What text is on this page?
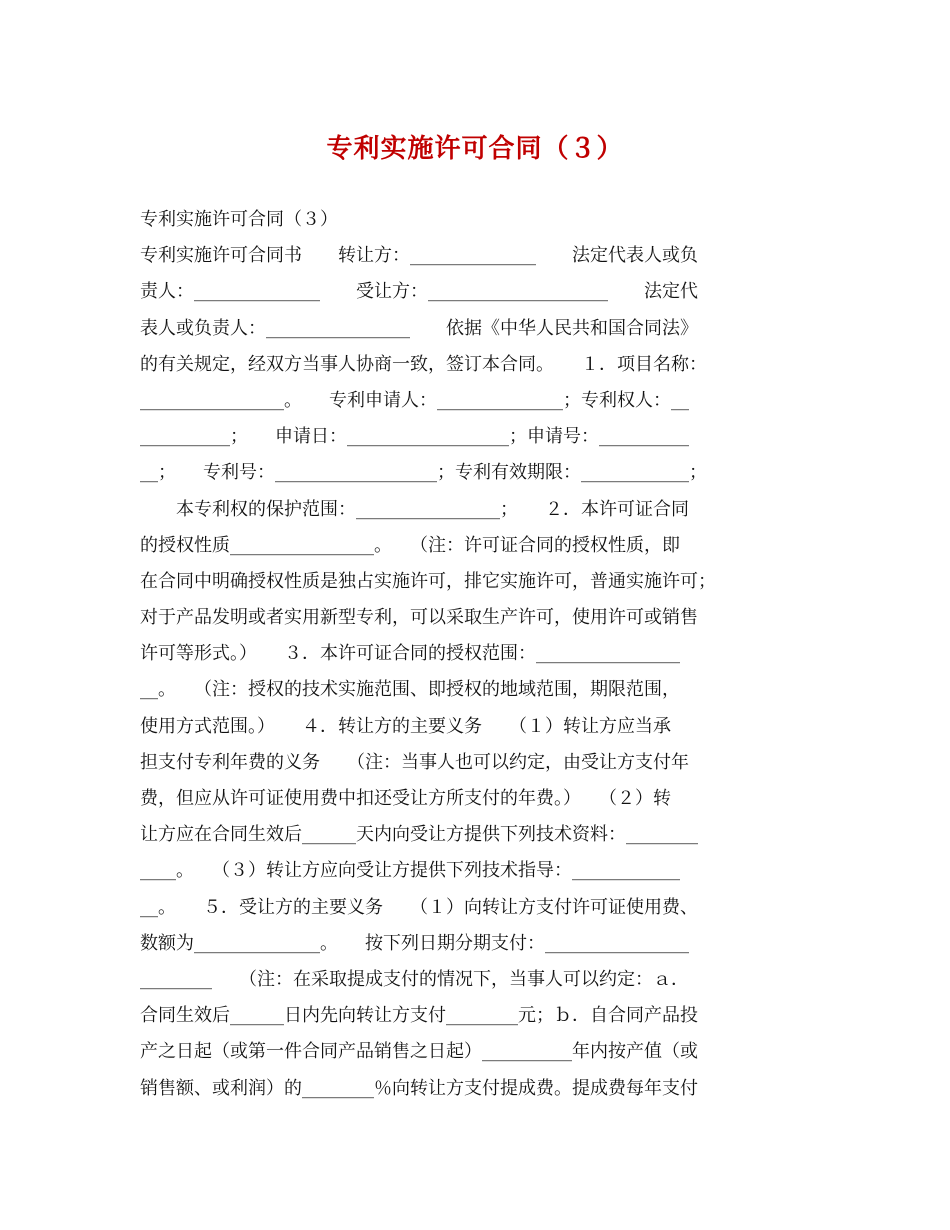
专利实施许可合同（３）
专利实施许可合同（３）
专利实施许可合同书　　转让方：______________　　法定代表人或负
责人：______________　　受让方：____________________　　法定代
表人或负责人：________________　　依据《中华人民共和国合同法》
的有关规定，经双方当事人协商一致，签订本合同。　　１．项目名称：
________________。　　专利申请人：______________；专利权人：__
__________；　　申请日：__________________；申请号：__________
__；　　专利号：__________________；专利有效期限：____________；
　　本专利权的保护范围：________________；　　２．本许可证合同
的授权性质________________。　　（注：许可证合同的授权性质，即
在合同中明确授权性质是独占实施许可，排它实施许可，普通实施许可；
对于产品发明或者实用新型专利，可以采取生产许可，使用许可或销售
许可等形式。）　　３．本许可证合同的授权范围：________________
__。　　（注：授权的技术实施范围、即授权的地域范围，期限范围，
使用方式范围。）　　４．转让方的主要义务　　（１）转让方应当承
担支付专利年费的义务　　（注：当事人也可以约定，由受让方支付年
费，但应从许可证使用费中扣还受让方所支付的年费。）　　（２）转
让方应在合同生效后______天内向受让方提供下列技术资料：________
____。　　（３）转让方应向受让方提供下列技术指导：____________
__。　　５．受让方的主要义务　　（１）向转让方支付许可证使用费、
数额为______________。　　按下列日期分期支付：________________
________　　（注：在采取提成支付的情况下，当事人可以约定：ａ．
合同生效后______日内先向转让方支付________元；ｂ．自合同产品投
产之日起（或第一件合同产品销售之日起）__________年内按产值（或
销售额、或利润）的________％向转让方支付提成费。提成费每年支付
